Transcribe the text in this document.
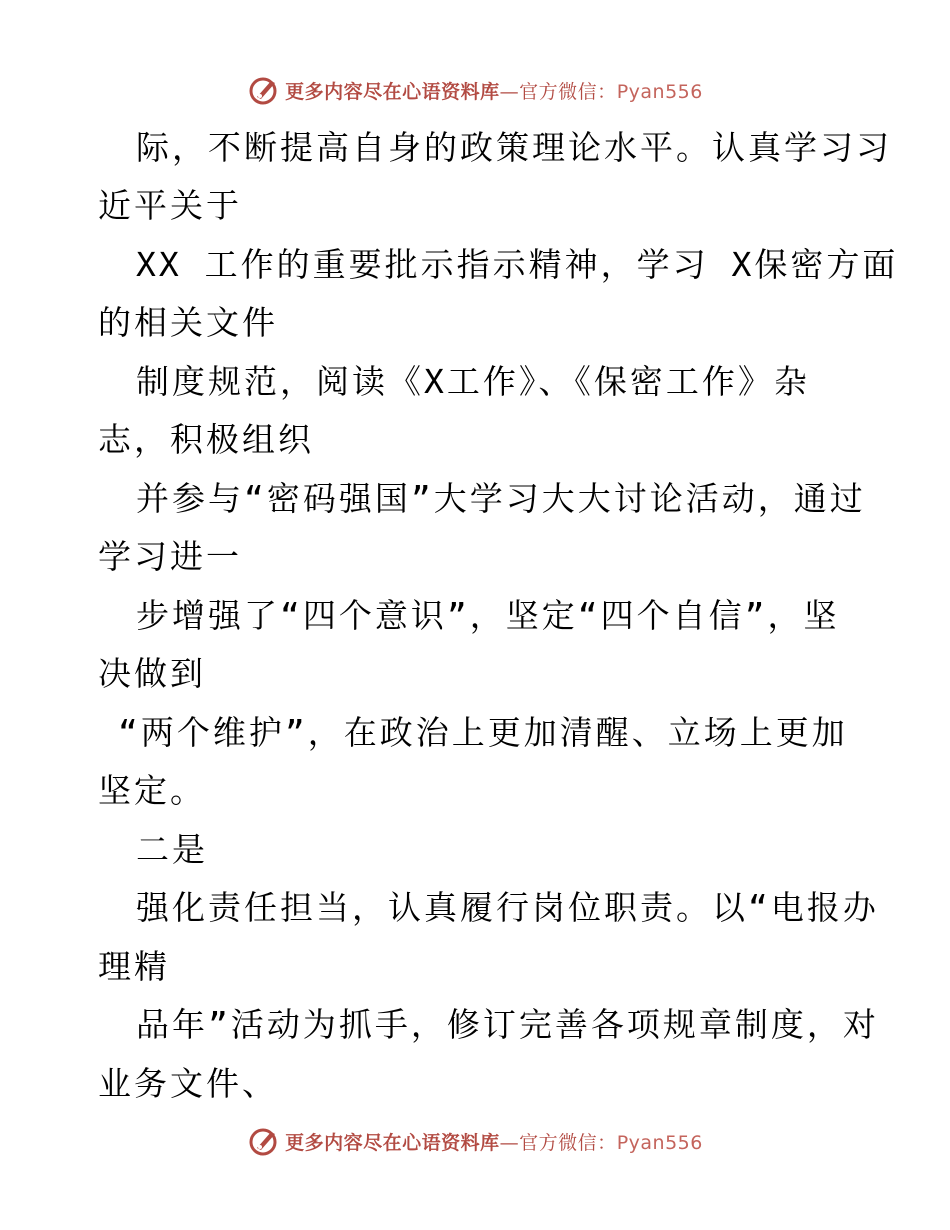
更多内容尽在心语资料库—官方微信：Pyan556
际，不断提高自身的政策理论水平。认真学习习
近平关于
XX 工作的重要批示指示精神，学习 X保密方面
的相关文件
制度规范，阅读《X工作》、《保密工作》杂
志，积极组织
并参与“密码强国”大学习大大讨论活动，通过
学习进一
步增强了“四个意识”，坚定“四个自信”，坚
决做到
“两个维护”，在政治上更加清醒、立场上更加
坚定。
二是
强化责任担当，认真履行岗位职责。以“电报办
理精
品年”活动为抓手，修订完善各项规章制度，对
业务文件、
更多内容尽在心语资料库—官方微信：Pyan556
